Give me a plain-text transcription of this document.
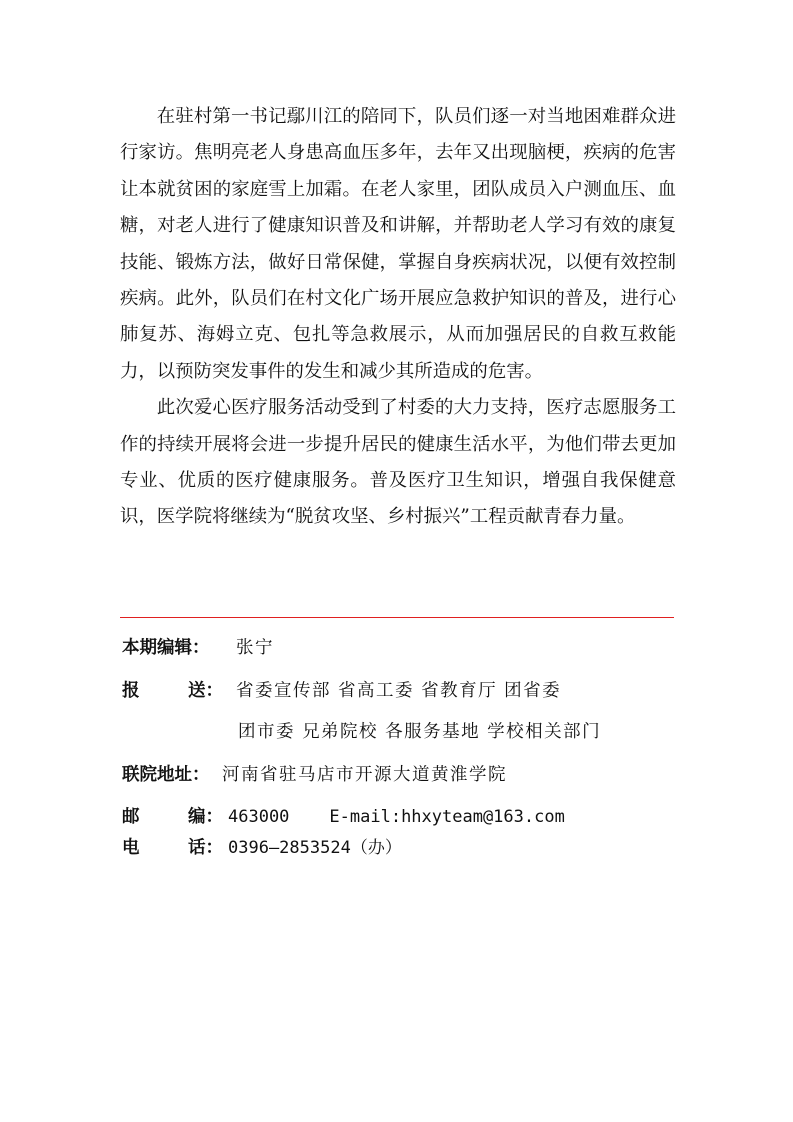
在驻村第一书记鄢川江的陪同下，队员们逐一对当地困难群众进行家访。焦明亮老人身患高血压多年，去年又出现脑梗，疾病的危害让本就贫困的家庭雪上加霜。在老人家里，团队成员入户测血压、血糖，对老人进行了健康知识普及和讲解，并帮助老人学习有效的康复技能、锻炼方法，做好日常保健，掌握自身疾病状况，以便有效控制疾病。此外，队员们在村文化广场开展应急救护知识的普及，进行心肺复苏、海姆立克、包扎等急救展示，从而加强居民的自救互救能力，以预防突发事件的发生和减少其所造成的危害。

此次爱心医疗服务活动受到了村委的大力支持，医疗志愿服务工作的持续开展将会进一步提升居民的健康生活水平，为他们带去更加专业、优质的医疗健康服务。普及医疗卫生知识，增强自我保健意识，医学院将继续为“脱贫攻坚、乡村振兴”工程贡献青春力量。

本期编辑： 张宁
报	送： 省委宣传部 省高工委 省教育厅 团省委
团市委 兄弟院校 各服务基地 学校相关部门
联院地址： 河南省驻马店市开源大道黄淮学院
邮	编： 463000 E-mail:hhxyteam@163.com
电	话： 0396—2853524（办）
